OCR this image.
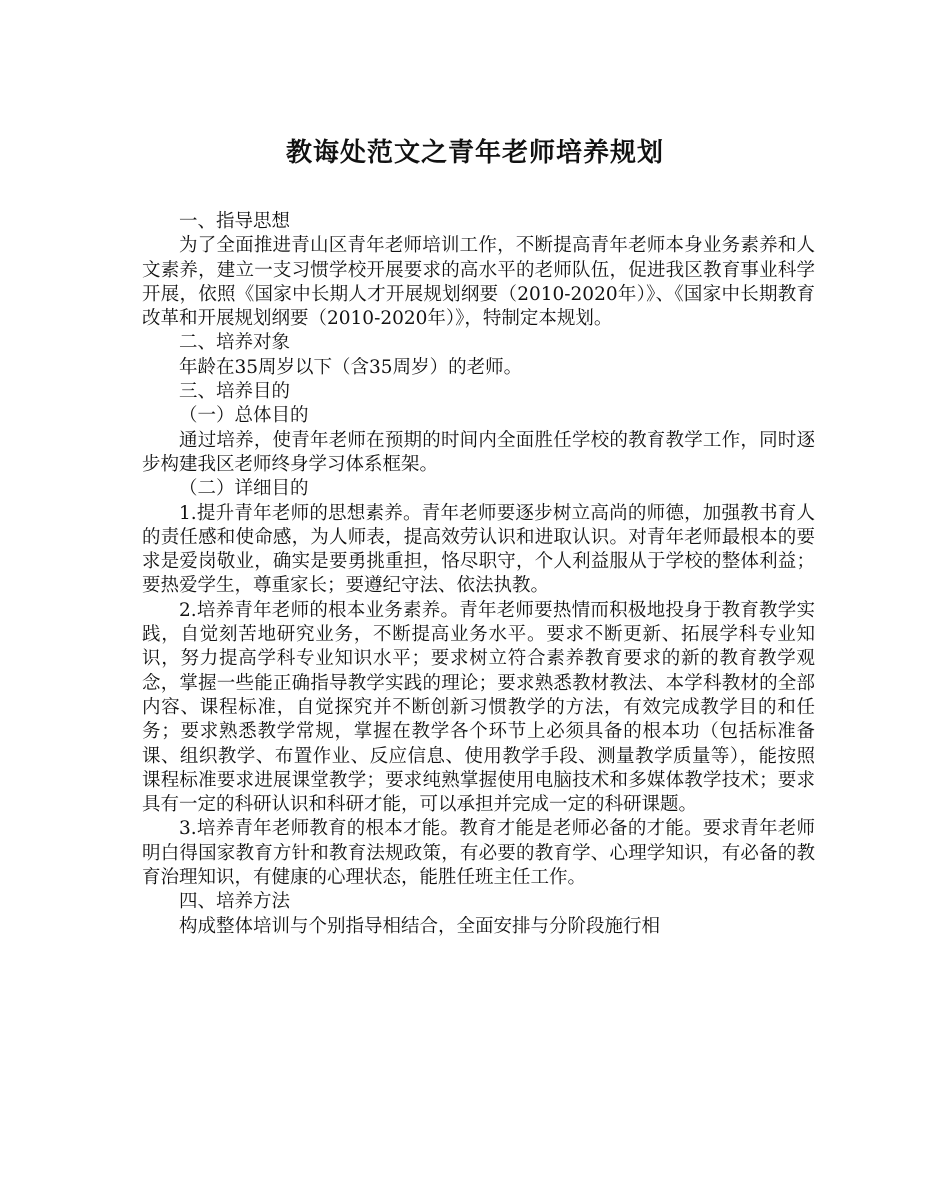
教诲处范文之青年老师培养规划

一、指导思想

为了全面推进青山区青年老师培训工作，不断提高青年老师本身业务素养和人文素养，建立一支习惯学校开展要求的高水平的老师队伍，促进我区教育事业科学开展，依照《国家中长期人才开展规划纲要（2010-2020年）》、《国家中长期教育改革和开展规划纲要（2010-2020年）》，特制定本规划。

二、培养对象

年龄在35周岁以下（含35周岁）的老师。

三、培养目的

（一）总体目的

通过培养，使青年老师在预期的时间内全面胜任学校的教育教学工作，同时逐步构建我区老师终身学习体系框架。

（二）详细目的

1.提升青年老师的思想素养。青年老师要逐步树立高尚的师德，加强教书育人的责任感和使命感，为人师表，提高效劳认识和进取认识。对青年老师最根本的要求是爱岗敬业，确实是要勇挑重担，恪尽职守，个人利益服从于学校的整体利益；要热爱学生，尊重家长；要遵纪守法、依法执教。

2.培养青年老师的根本业务素养。青年老师要热情而积极地投身于教育教学实践，自觉刻苦地研究业务，不断提高业务水平。要求不断更新、拓展学科专业知识，努力提高学科专业知识水平；要求树立符合素养教育要求的新的教育教学观念，掌握一些能正确指导教学实践的理论；要求熟悉教材教法、本学科教材的全部内容、课程标准，自觉探究并不断创新习惯教学的方法，有效完成教学目的和任务；要求熟悉教学常规，掌握在教学各个环节上必须具备的根本功（包括标准备课、组织教学、布置作业、反应信息、使用教学手段、测量教学质量等），能按照课程标准要求进展课堂教学；要求纯熟掌握使用电脑技术和多媒体教学技术；要求具有一定的科研认识和科研才能，可以承担并完成一定的科研课题。

3.培养青年老师教育的根本才能。教育才能是老师必备的才能。要求青年老师明白得国家教育方针和教育法规政策，有必要的教育学、心理学知识，有必备的教育治理知识，有健康的心理状态，能胜任班主任工作。

四、培养方法

构成整体培训与个别指导相结合，全面安排与分阶段施行相
